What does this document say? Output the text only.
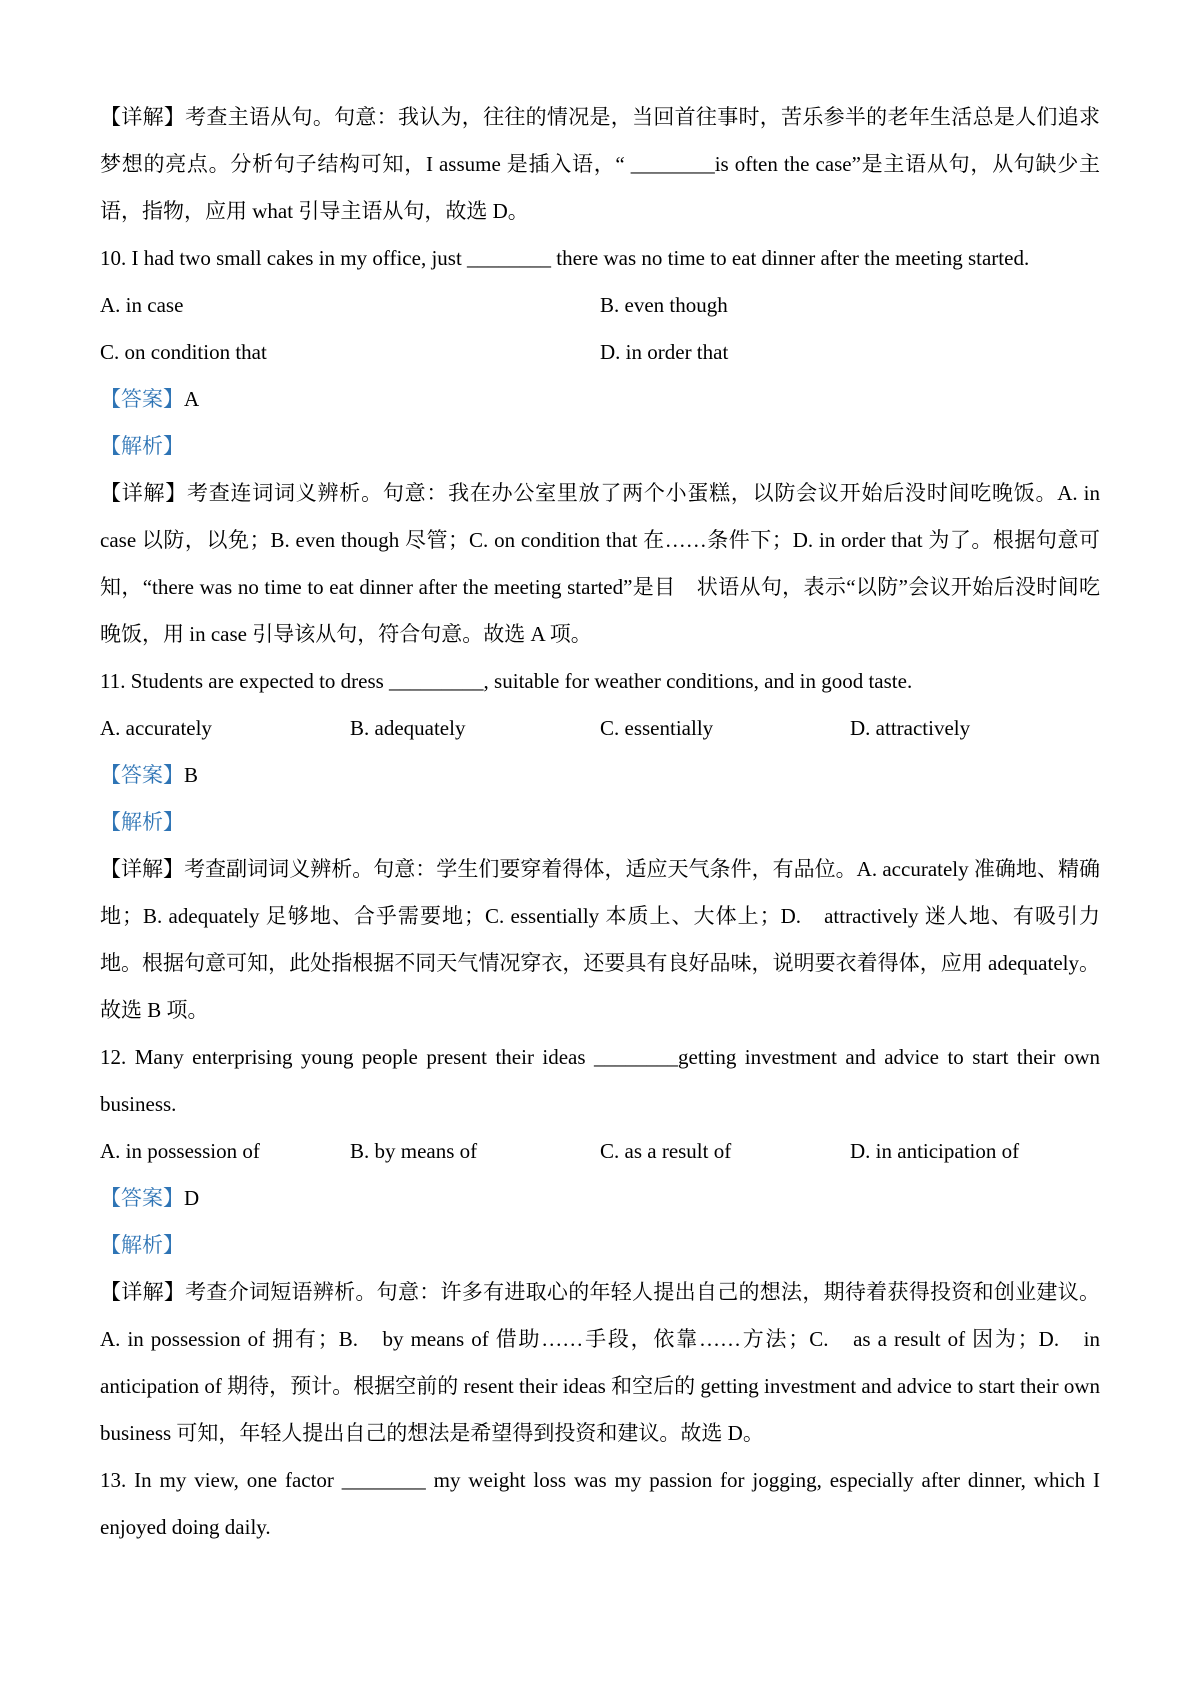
【详解】考查主语从句。句意：我认为，往往的情况是，当回首往事时，苦乐参半的老年生活总是人们追求梦想的亮点。分析句子结构可知，I assume 是插入语，“ ________is often the case”是主语从句，从句缺少主语，指物，应用 what 引导主语从句，故选 D。

10. I had two small cakes in my office, just ________ there was no time to eat dinner after the meeting started.

A. in case	B. even though
C. on condition that	D. in order that

【答案】A

【解析】

【详解】考查连词词义辨析。句意：我在办公室里放了两个小蛋糕，以防会议开始后没时间吃晚饭。A. in case 以防，以免；B. even though 尽管；C. on condition that 在……条件下；D. in order that 为了。根据句意可知，“there was no time to eat dinner after the meeting started”是目　状语从句，表示“以防”会议开始后没时间吃晚饭，用 in case 引导该从句，符合句意。故选 A 项。

11. Students are expected to dress _________, suitable for weather conditions, and in good taste.

A. accurately	B. adequately	C. essentially	D. attractively

【答案】B

【解析】

【详解】考查副词词义辨析。句意：学生们要穿着得体，适应天气条件，有品位。A. accurately 准确地、精确地；B. adequately 足够地、合乎需要地；C. essentially 本质上、大体上；D.　attractively 迷人地、有吸引力地。根据句意可知，此处指根据不同天气情况穿衣，还要具有良好品味，说明要衣着得体，应用 adequately。故选 B 项。

12. Many enterprising young people present their ideas ________getting investment and advice to start their own business.

A. in possession of	B. by means of	C. as a result of	D. in anticipation of

【答案】D

【解析】

【详解】考查介词短语辨析。句意：许多有进取心的年轻人提出自己的想法，期待着获得投资和创业建议。A. in possession of 拥有；B.　by means of 借助……手段，依靠……方法；C.　as a result of 因为；D.　in anticipation of 期待，预计。根据空前的 resent their ideas 和空后的 getting investment and advice to start their own business 可知，年轻人提出自己的想法是希望得到投资和建议。故选 D。

13. In my view, one factor ________ my weight loss was my passion for jogging, especially after dinner, which I enjoyed doing daily.
